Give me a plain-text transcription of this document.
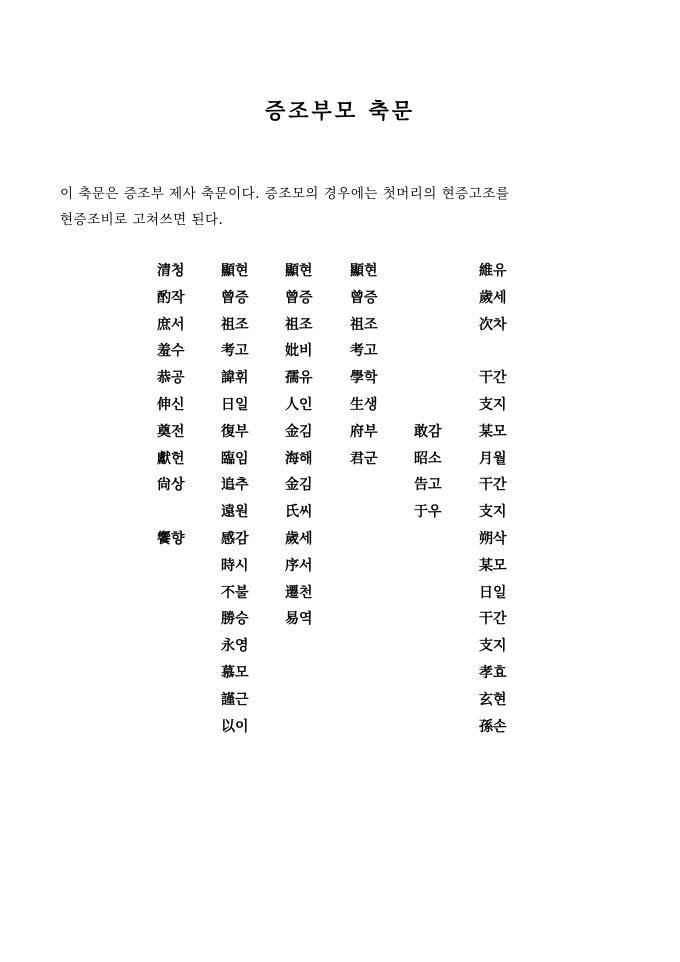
증조부모 축문

이 축문은 증조부 제사 축문이다. 증조모의 경우에는 첫머리의 현증고조를

현증조비로 고쳐쓰면 된다.

清청
酌작
庶서
羞수
恭공
伸신
奠전
獻헌
尙상
饗향
顯현
曾증
祖조
考고
諱휘
日일
復부
臨임
追추
遠원
感감
時시
不불
勝승
永영
慕모
謹근
以이
顯현
曾증
祖조
妣비
孺유
人인
金김
海해
金김
氏씨
歲세
序서
遷천
易역
顯현
曾증
祖조
考고
學학
生생
府부
君군
敢감
昭소
告고
于우
維유
歲세
次차
干간
支지
某모
月월
干간
支지
朔삭
某모
日일
干간
支지
孝효
玄현
孫손
